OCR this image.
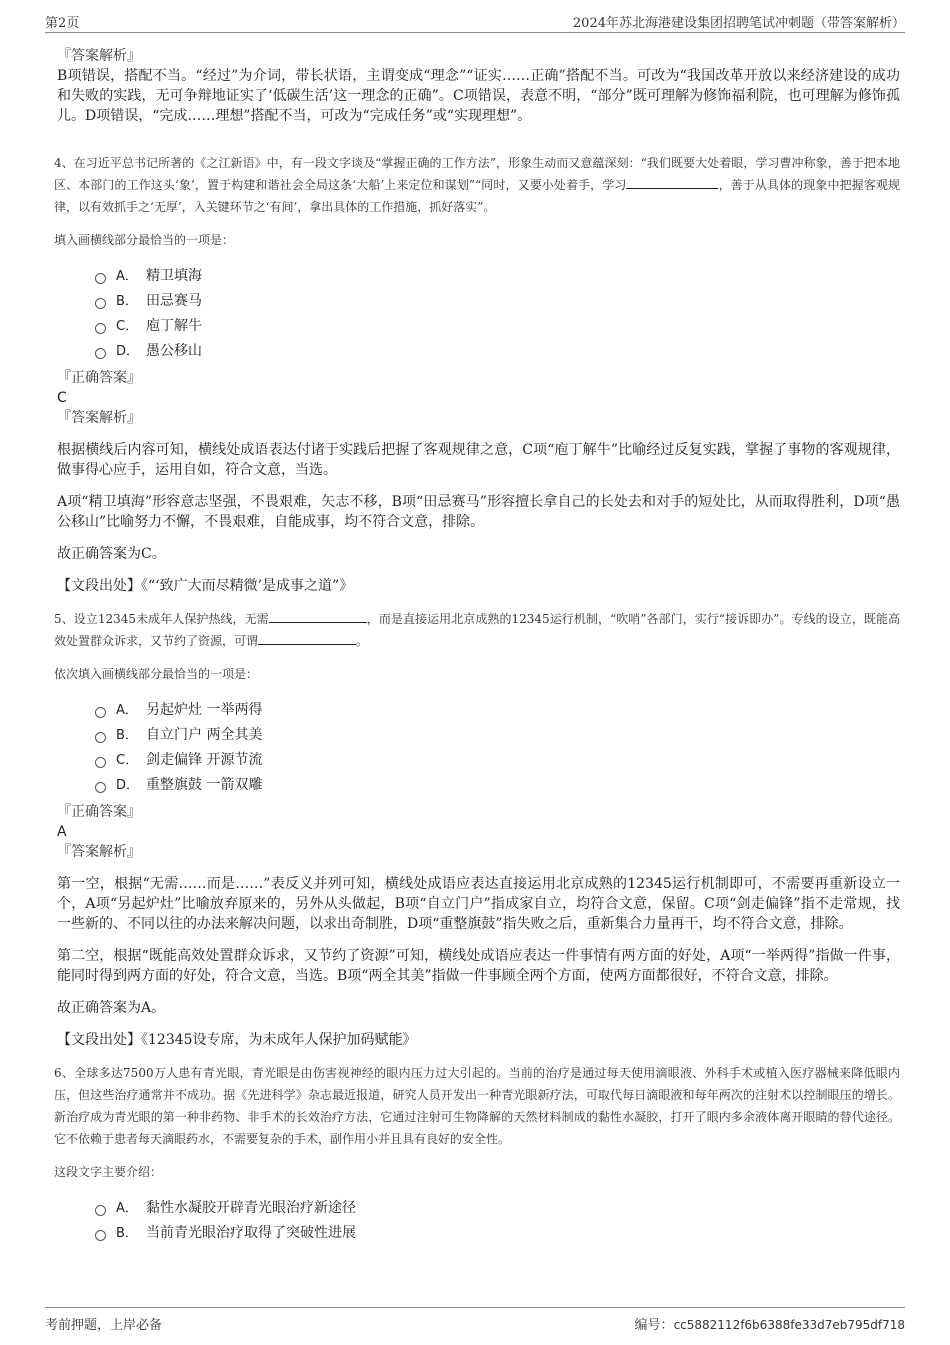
第2页	2024年苏北海港建设集团招聘笔试冲刺题（带答案解析）
『答案解析』
B项错误，搭配不当。“经过”为介词，带长状语，主谓变成“理念”“证实……正确”搭配不当。可改为“我国改革开放以来经济建设的成功和失败的实践，无可争辩地证实了‘低碳生活’这一理念的正确”。C项错误，表意不明，“部分”既可理解为修饰福利院，也可理解为修饰孤儿。D项错误，“完成……理想”搭配不当，可改为“完成任务”或“实现理想”。
4、在习近平总书记所著的《之江新语》中，有一段文字谈及“掌握正确的工作方法”，形象生动而又意蕴深刻：“我们既要大处着眼，学习曹冲称象，善于把本地区、本部门的工作这头‘象’，置于构建和谐社会全局这条‘大船’上来定位和谋划”“同时，又要小处着手，学习	，善于从具体的现象中把握客观规律，以有效抓手之‘无厚’，入关键环节之‘有间’，拿出具体的工作措施，抓好落实”。
填入画横线部分最恰当的一项是：
A． 精卫填海
B． 田忌赛马
C． 庖丁解牛
D． 愚公移山
『正确答案』
C
『答案解析』
根据横线后内容可知，横线处成语表达付诸于实践后把握了客观规律之意，C项“庖丁解牛”比喻经过反复实践，掌握了事物的客观规律，做事得心应手，运用自如，符合文意，当选。
A项“精卫填海”形容意志坚强，不畏艰难，矢志不移，B项“田忌赛马”形容擅长拿自己的长处去和对手的短处比，从而取得胜利，D项“愚公移山”比喻努力不懈，不畏艰难，自能成事，均不符合文意，排除。
故正确答案为C。
【文段出处】《“‘致广大而尽精微’是成事之道”》
5、设立12345未成年人保护热线，无需	，而是直接运用北京成熟的12345运行机制，“吹哨”各部门，实行“接诉即办”。专线的设立，既能高效处置群众诉求，又节约了资源，可谓	。
依次填入画横线部分最恰当的一项是：
A． 另起炉灶 一举两得
B． 自立门户 两全其美
C． 剑走偏锋 开源节流
D． 重整旗鼓 一箭双雕
『正确答案』
A
『答案解析』
第一空，根据“无需……而是……”表反义并列可知，横线处成语应表达直接运用北京成熟的12345运行机制即可，不需要再重新设立一个，A项“另起炉灶”比喻放弃原来的，另外从头做起，B项“自立门户”指成家自立，均符合文意，保留。C项“剑走偏锋”指不走常规，找一些新的、不同以往的办法来解决问题，以求出奇制胜，D项“重整旗鼓”指失败之后，重新集合力量再干，均不符合文意，排除。
第二空，根据“既能高效处置群众诉求，又节约了资源”可知，横线处成语应表达一件事情有两方面的好处，A项“一举两得”指做一件事，能同时得到两方面的好处，符合文意，当选。B项“两全其美”指做一件事顾全两个方面，使两方面都很好，不符合文意，排除。
故正确答案为A。
【文段出处】《12345设专席，为未成年人保护加码赋能》
6、全球多达7500万人患有青光眼，青光眼是由伤害视神经的眼内压力过大引起的。当前的治疗是通过每天使用滴眼液、外科手术或植入医疗器械来降低眼内压，但这些治疗通常并不成功。据《先进科学》杂志最近报道，研究人员开发出一种青光眼新疗法，可取代每日滴眼液和每年两次的注射术以控制眼压的增长。新治疗成为青光眼的第一种非药物、非手术的长效治疗方法，它通过注射可生物降解的天然材料制成的黏性水凝胶，打开了眼内多余液体离开眼睛的替代途径。它不依赖于患者每天滴眼药水，不需要复杂的手术，副作用小并且具有良好的安全性。
这段文字主要介绍：
A． 黏性水凝胶开辟青光眼治疗新途径
B． 当前青光眼治疗取得了突破性进展
考前押题，上岸必备	编号：cc5882112f6b6388fe33d7eb795df718
